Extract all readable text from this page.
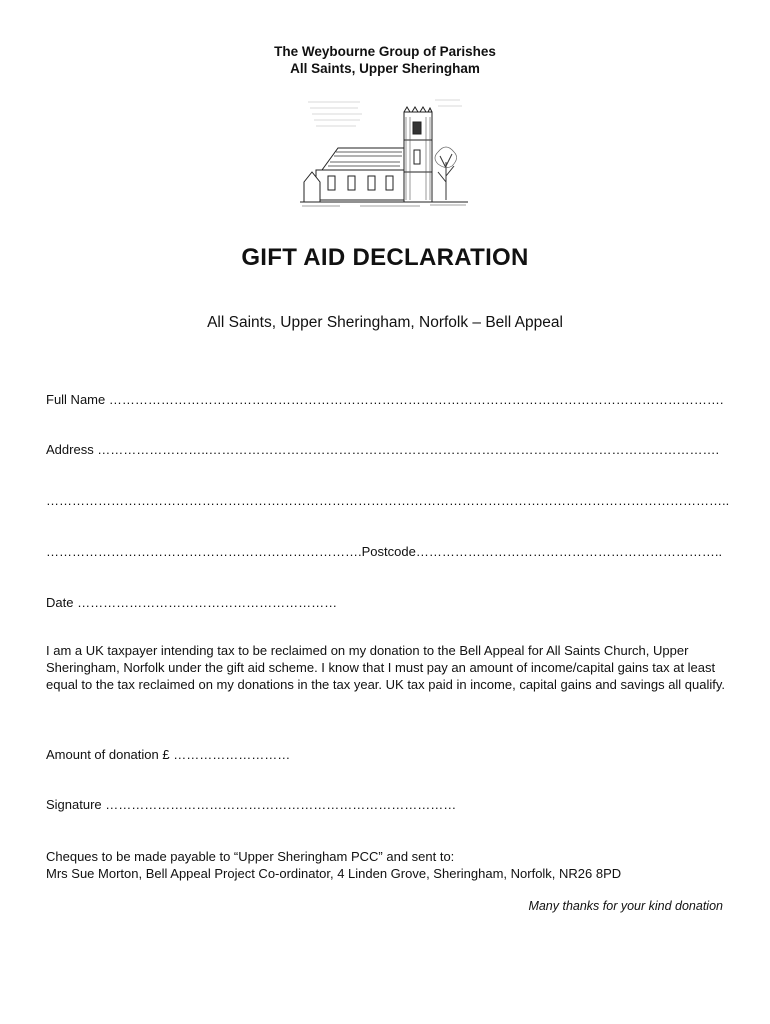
The Weybourne Group of Parishes
All Saints, Upper Sheringham
GIFT AID DECLARATION
All Saints, Upper Sheringham, Norfolk – Bell Appeal
Full Name …………………………………………………………………………………………………………………………….
Address ……………………..……………………………………………………………………………………………………….
…………………………………………………………………………………………………………………………………………..
……………………………………………………………….Postcode……………………………………………………………..
Date ……………………………………………………
I am a UK taxpayer intending tax to be reclaimed on my donation to the Bell Appeal for All Saints Church, Upper Sheringham, Norfolk under the gift aid scheme. I know that I must pay an amount of income/capital gains tax at least equal to the tax reclaimed on my donations in the tax year. UK tax paid in income, capital gains and savings all qualify.
Amount of donation £ ………………………
Signature ………………………………………………………………………
Cheques to be made payable to “Upper Sheringham PCC” and sent to:
Mrs Sue Morton, Bell Appeal Project Co-ordinator, 4 Linden Grove, Sheringham, Norfolk, NR26 8PD
Many thanks for your kind donation
